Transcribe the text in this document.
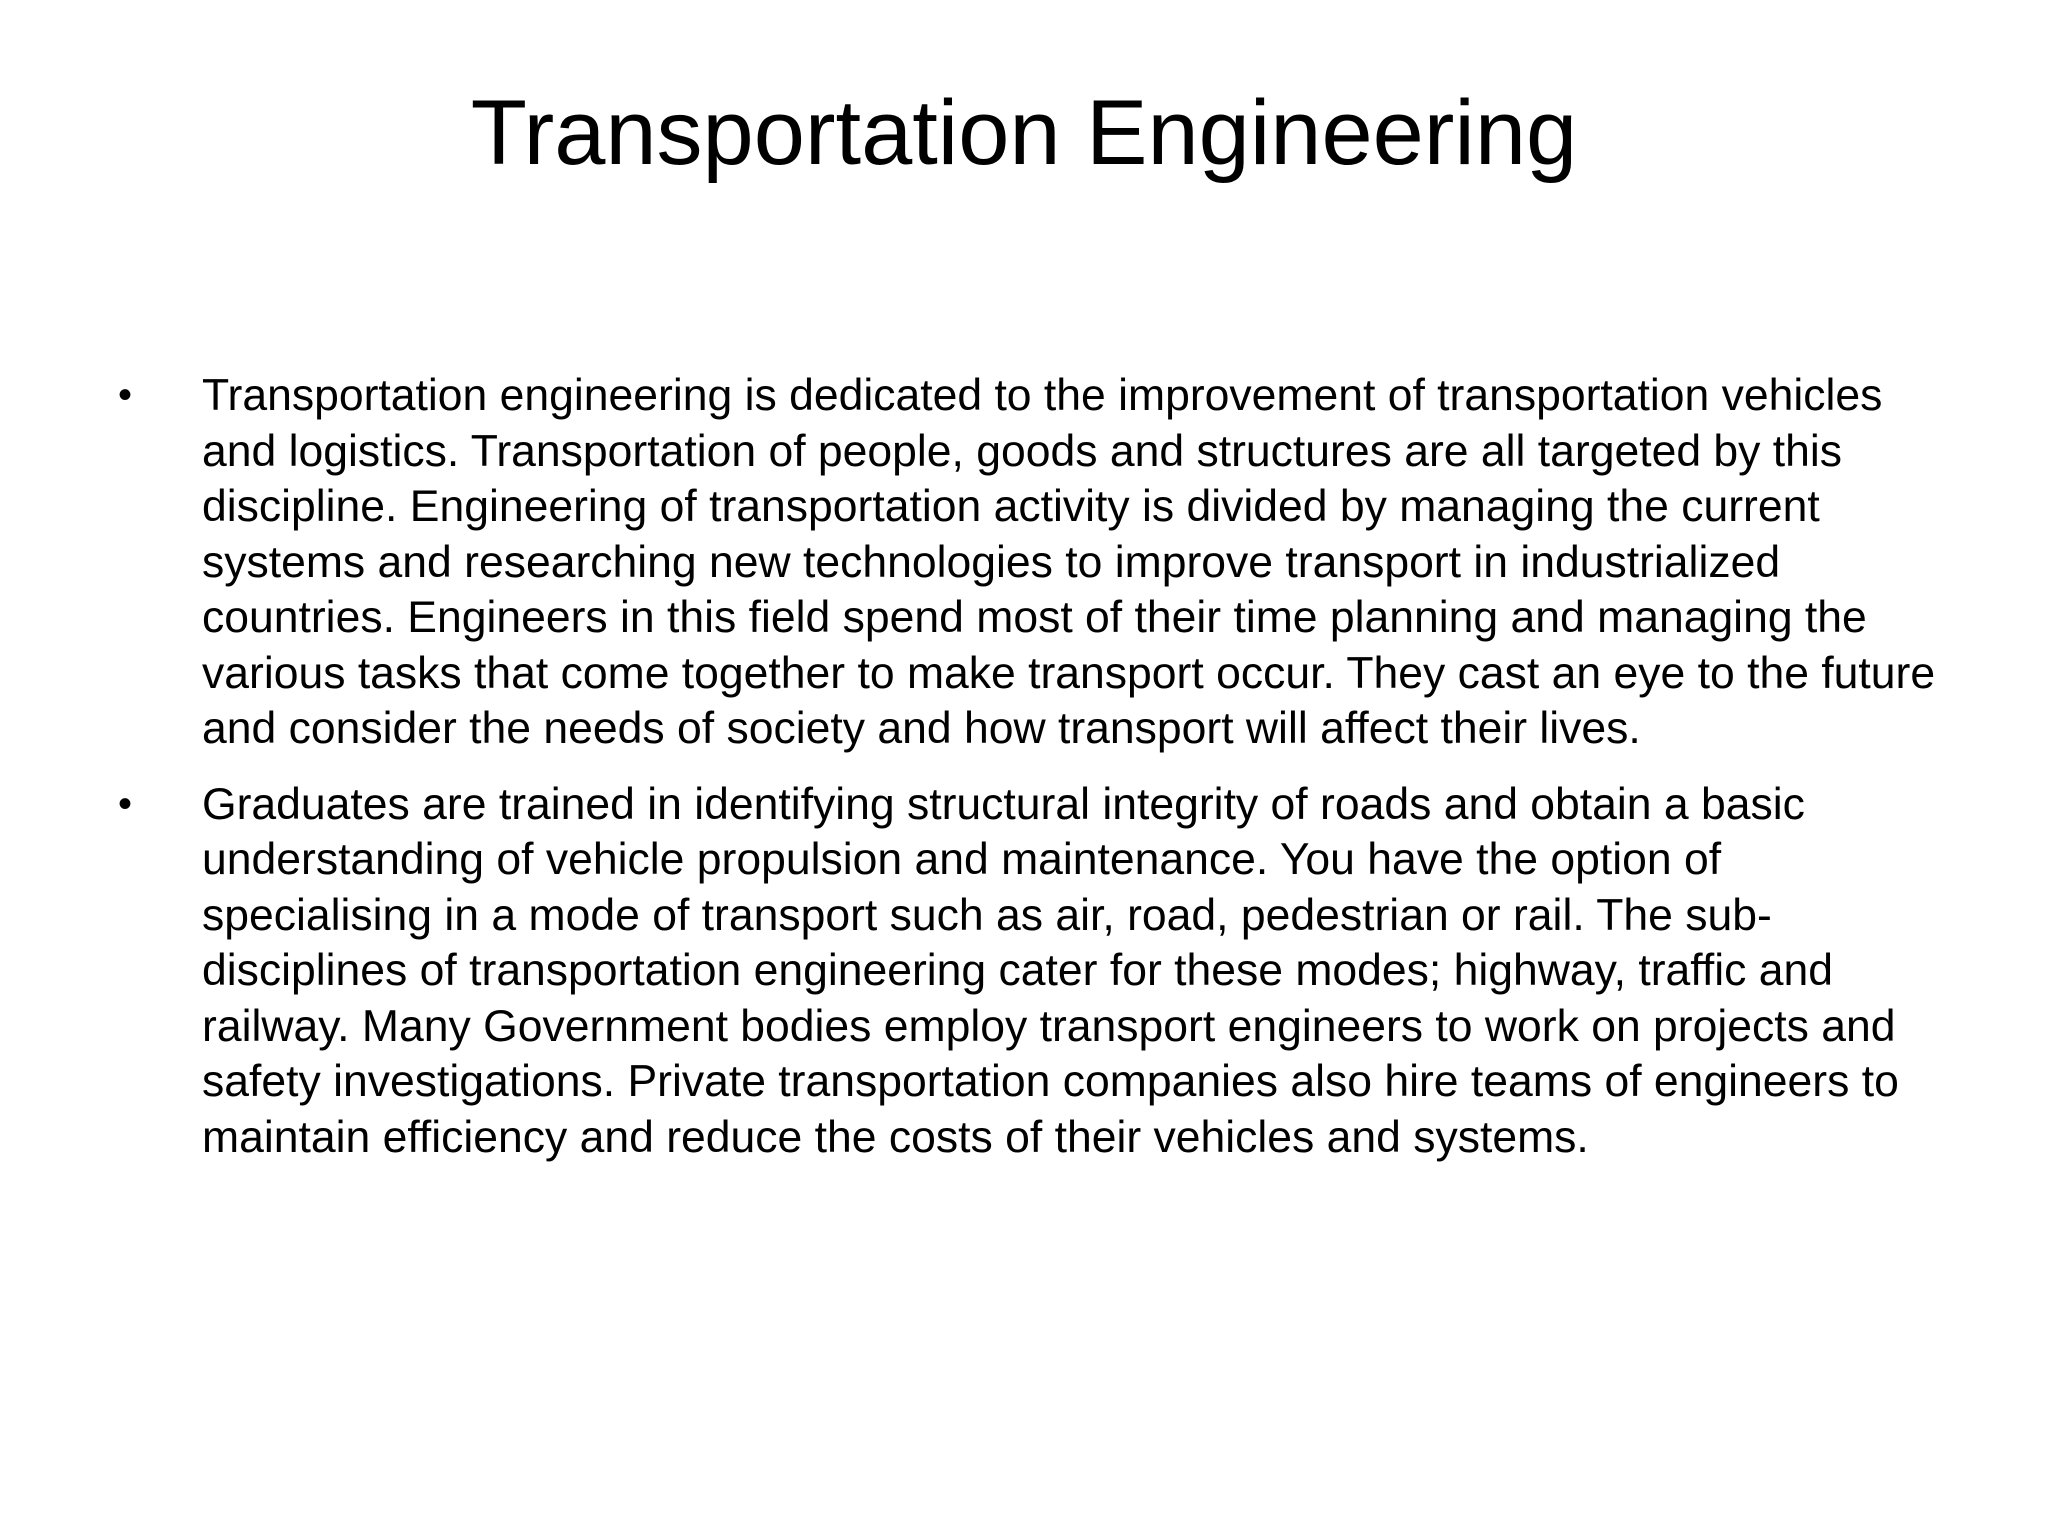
Transportation Engineering
• Transportation engineering is dedicated to the improvement of transportation vehicles and logistics. Transportation of people, goods and structures are all targeted by this discipline. Engineering of transportation activity is divided by managing the current systems and researching new technologies to improve transport in industrialized countries. Engineers in this field spend most of their time planning and managing the various tasks that come together to make transport occur. They cast an eye to the future and consider the needs of society and how transport will affect their lives.
• Graduates are trained in identifying structural integrity of roads and obtain a basic understanding of vehicle propulsion and maintenance. You have the option of specialising in a mode of transport such as air, road, pedestrian or rail. The sub-disciplines of transportation engineering cater for these modes; highway, traffic and railway. Many Government bodies employ transport engineers to work on projects and safety investigations. Private transportation companies also hire teams of engineers to maintain efficiency and reduce the costs of their vehicles and systems.
